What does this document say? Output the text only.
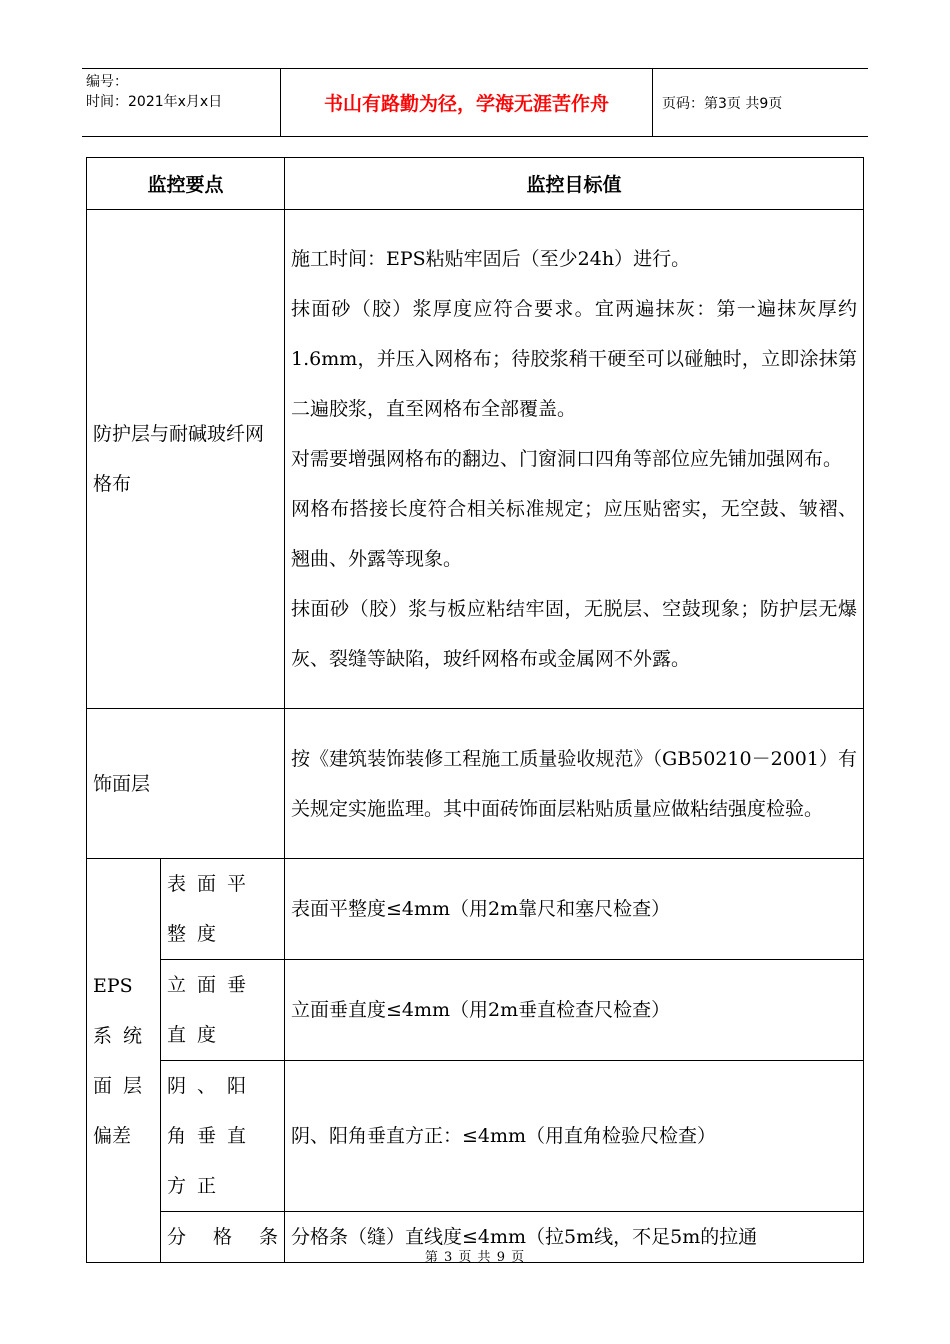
编号：
时间：2021年x月x日	书山有路勤为径，学海无涯苦作舟	页码：第3页 共9页
监控要点		监控目标值
防护层与耐碱玻纤网格布		施工时间：EPS粘贴牢固后（至少24h）进行。

抹面砂（胶）浆厚度应符合要求。宜两遍抹灰：第一遍抹灰厚约1.6mm，并压入网格布；待胶浆稍干硬至可以碰触时，立即涂抹第二遍胶浆，直至网格布全部覆盖。

对需要增强网格布的翻边、门窗洞口四角等部位应先铺加强网布。

网格布搭接长度符合相关标准规定；应压贴密实，无空鼓、皱褶、翘曲、外露等现象。

抹面砂（胶）浆与板应粘结牢固，无脱层、空鼓现象；防护层无爆灰、裂缝等缺陷，玻纤网格布或金属网不外露。

饰面层		按《建筑装饰装修工程施工质量验收规范》（GB50210－2001）有关规定实施监理。其中面砖饰面层粘贴质量应做粘结强度检验。

EPS
系统
面层
偏差	表面平整度	表面平整度≤4mm（用2m靠尺和塞尺检查）
	立面垂直度	立面垂直度≤4mm（用2m垂直检查尺检查）
	阴、阳角垂直方正	阴、阳角垂直方正：≤4mm（用直角检验尺检查）
	分格条	分格条（缝）直线度≤4mm（拉5m线，不足5m的拉通
第 3 页 共 9 页
